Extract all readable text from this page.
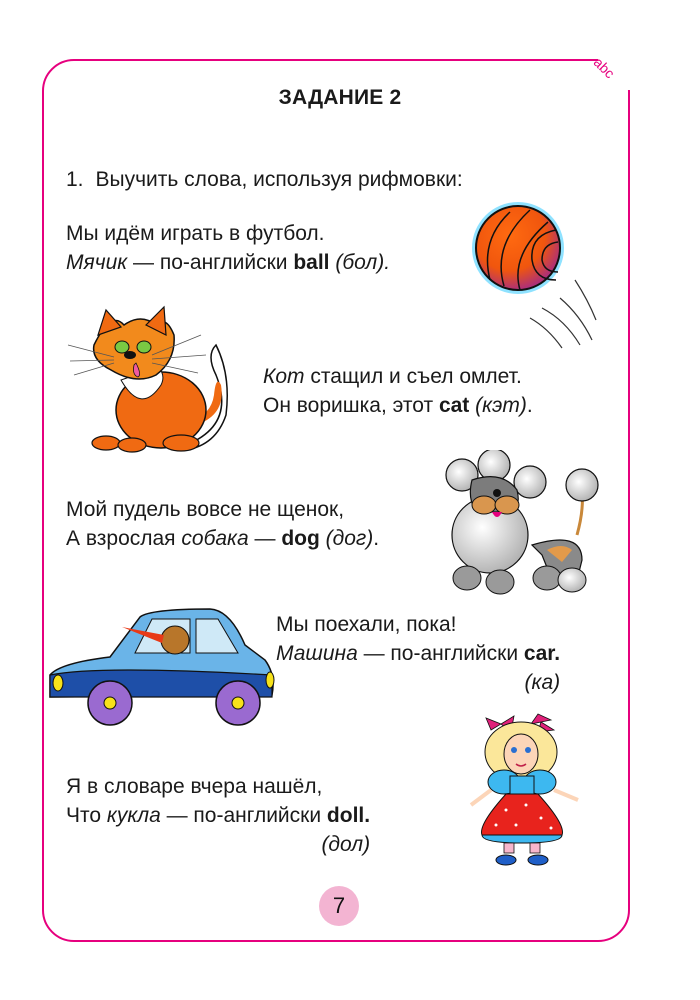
abc
ЗАДАНИЕ 2
1. Выучить слова, используя рифмовки:
Мы идём играть в футбол.
Мячик — по-английски ball (бол).
Кот стащил и съел омлет.
Он воришка, этот cat (кэт).
Мой пудель вовсе не щенок,
А взрослая собака — dog (дог).
Мы поехали, пока!
Машина — по-английски car.
(ка)
Я в словаре вчера нашёл,
Что кукла — по-английски doll.
(дол)
7
